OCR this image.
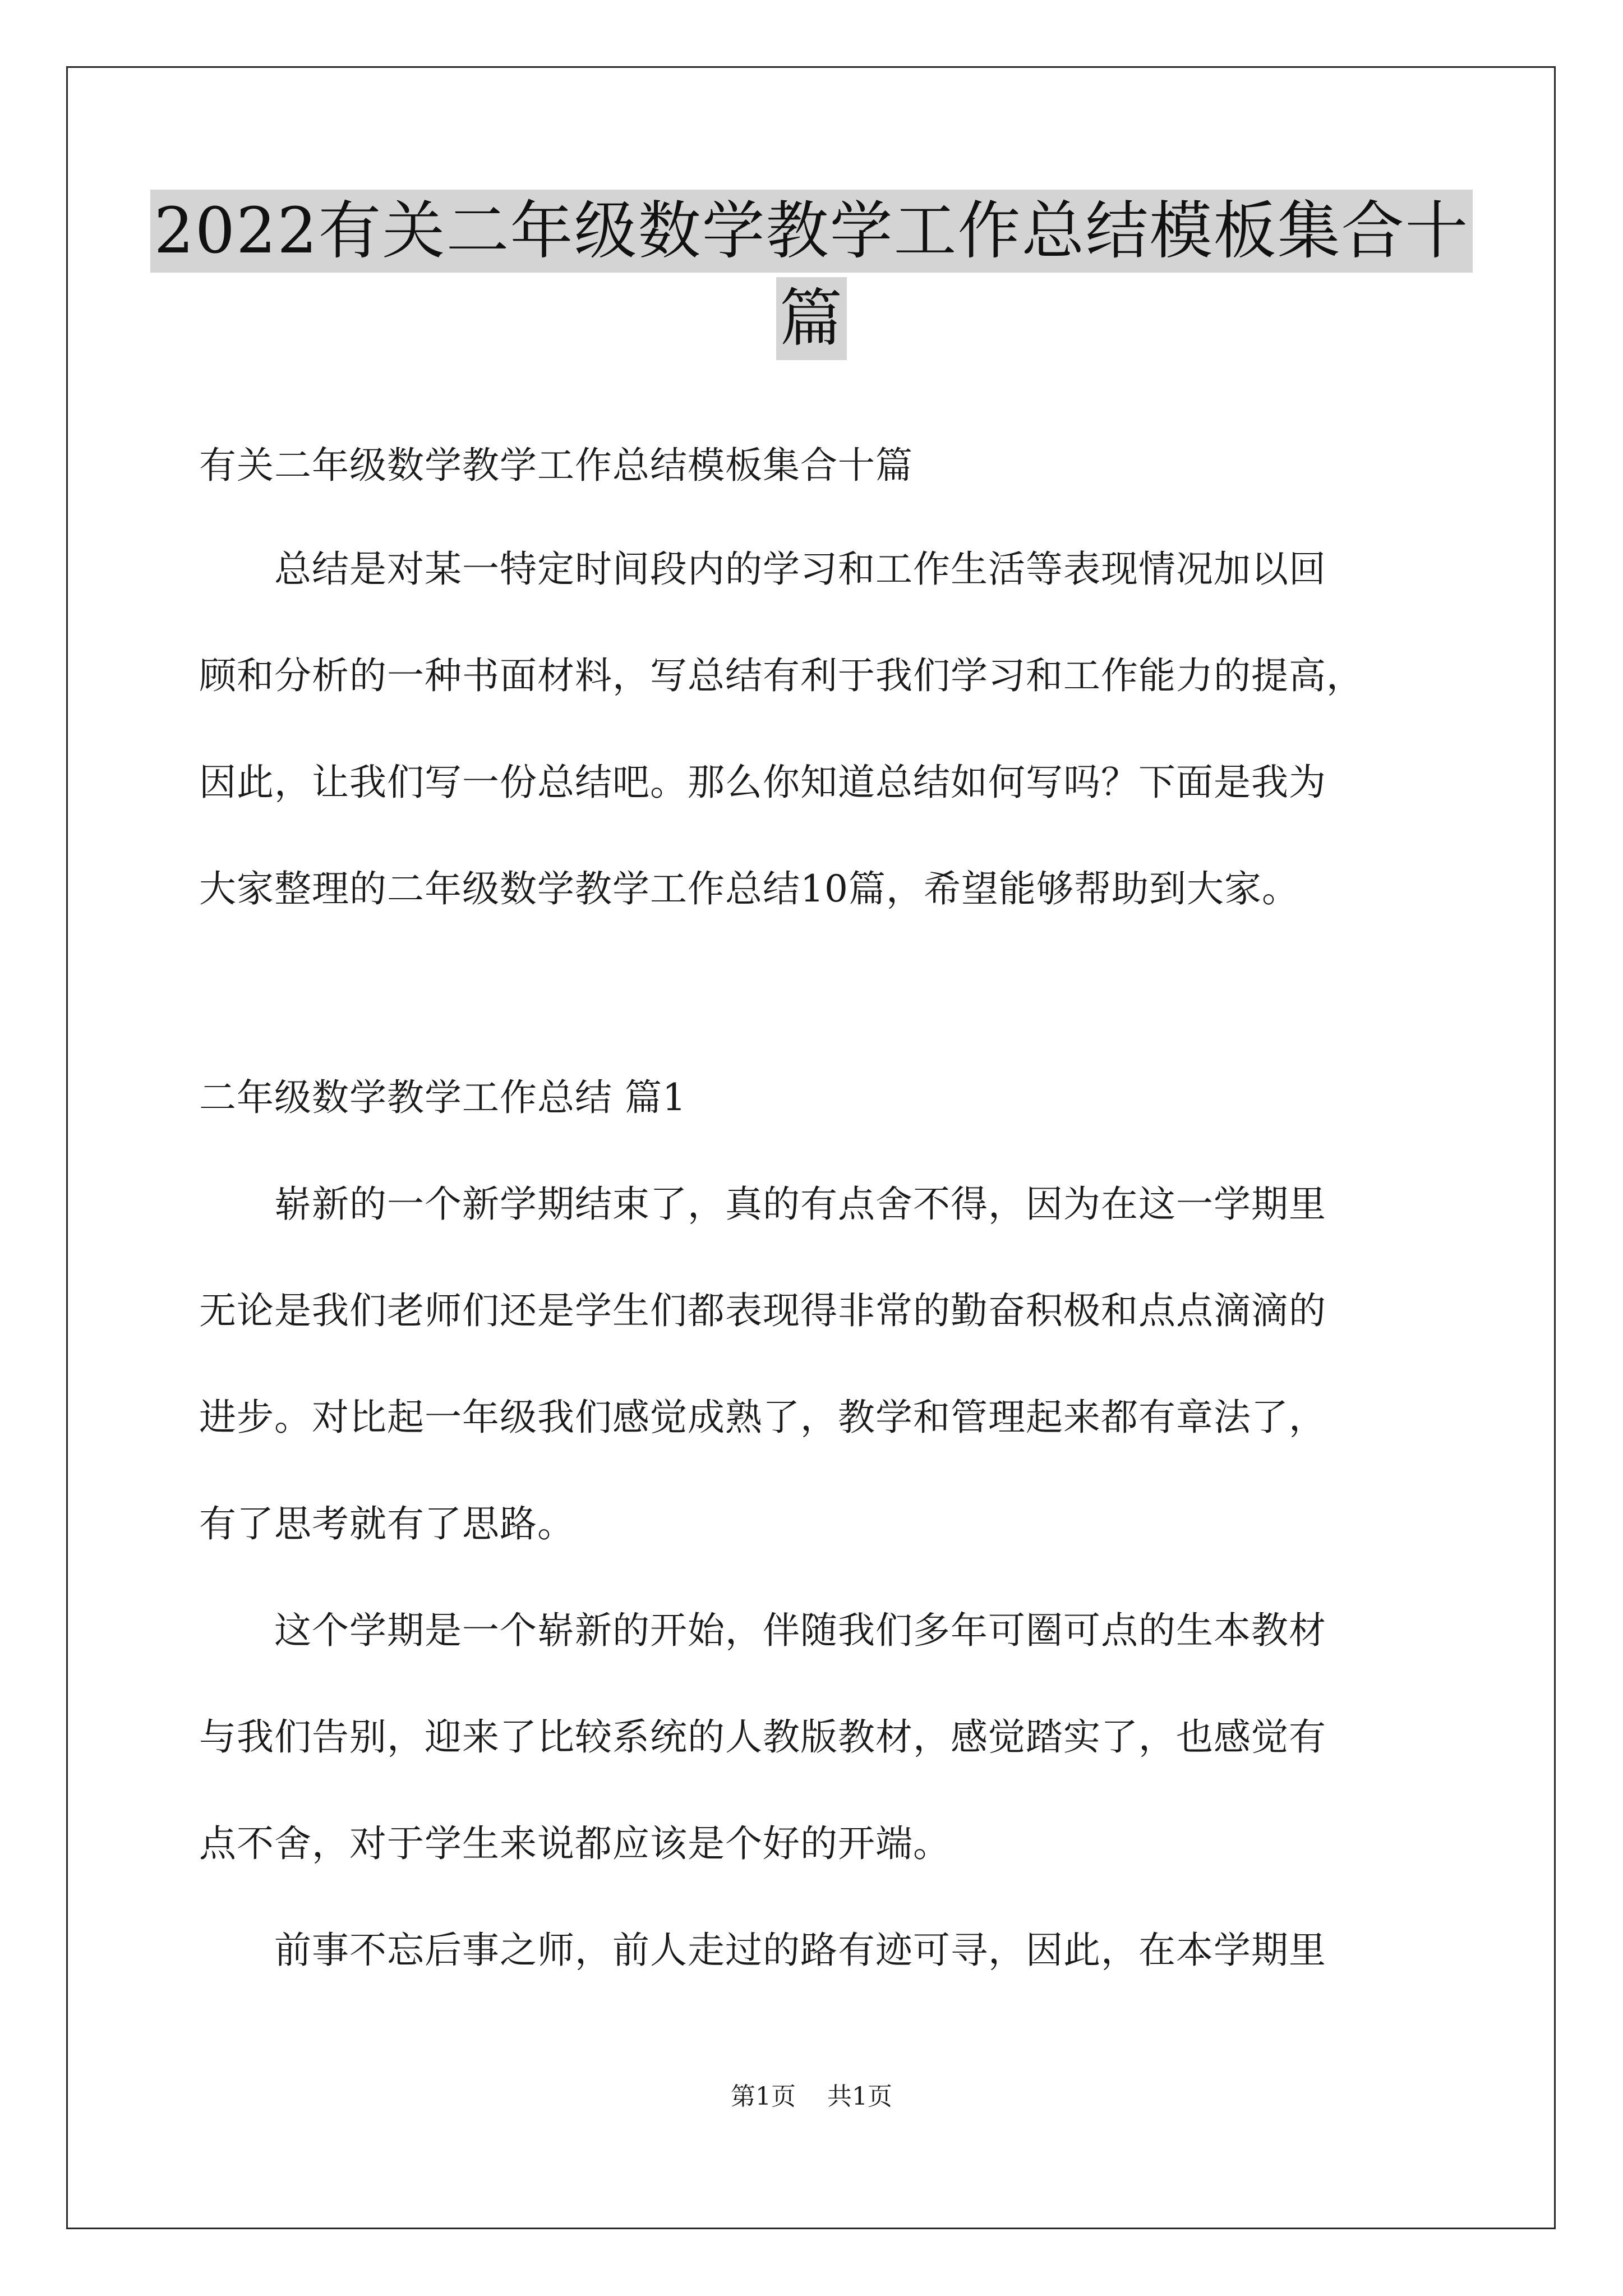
2022有关二年级数学教学工作总结模板集合十
篇
有关二年级数学教学工作总结模板集合十篇
　　总结是对某一特定时间段内的学习和工作生活等表现情况加以回
顾和分析的一种书面材料，写总结有利于我们学习和工作能力的提高，
因此，让我们写一份总结吧。那么你知道总结如何写吗？下面是我为
大家整理的二年级数学教学工作总结10篇，希望能够帮助到大家。
二年级数学教学工作总结 篇1
　　崭新的一个新学期结束了，真的有点舍不得，因为在这一学期里
无论是我们老师们还是学生们都表现得非常的勤奋积极和点点滴滴的
进步。对比起一年级我们感觉成熟了，教学和管理起来都有章法了，
有了思考就有了思路。
　　这个学期是一个崭新的开始，伴随我们多年可圈可点的生本教材
与我们告别，迎来了比较系统的人教版教材，感觉踏实了，也感觉有
点不舍，对于学生来说都应该是个好的开端。
　　前事不忘后事之师，前人走过的路有迹可寻，因此，在本学期里
第1页 共1页
